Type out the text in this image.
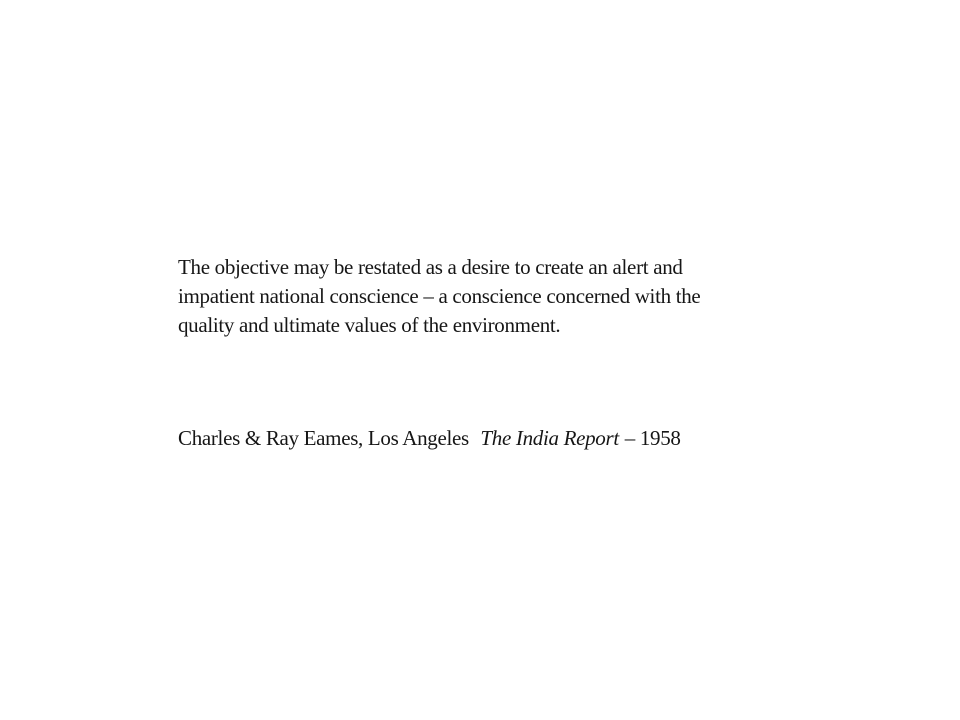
The objective may be restated as a desire to create an alert and
impatient national conscience – a conscience concerned with the
quality and ultimate values of the environment.
Charles & Ray Eames, Los Angeles The India Report – 1958
